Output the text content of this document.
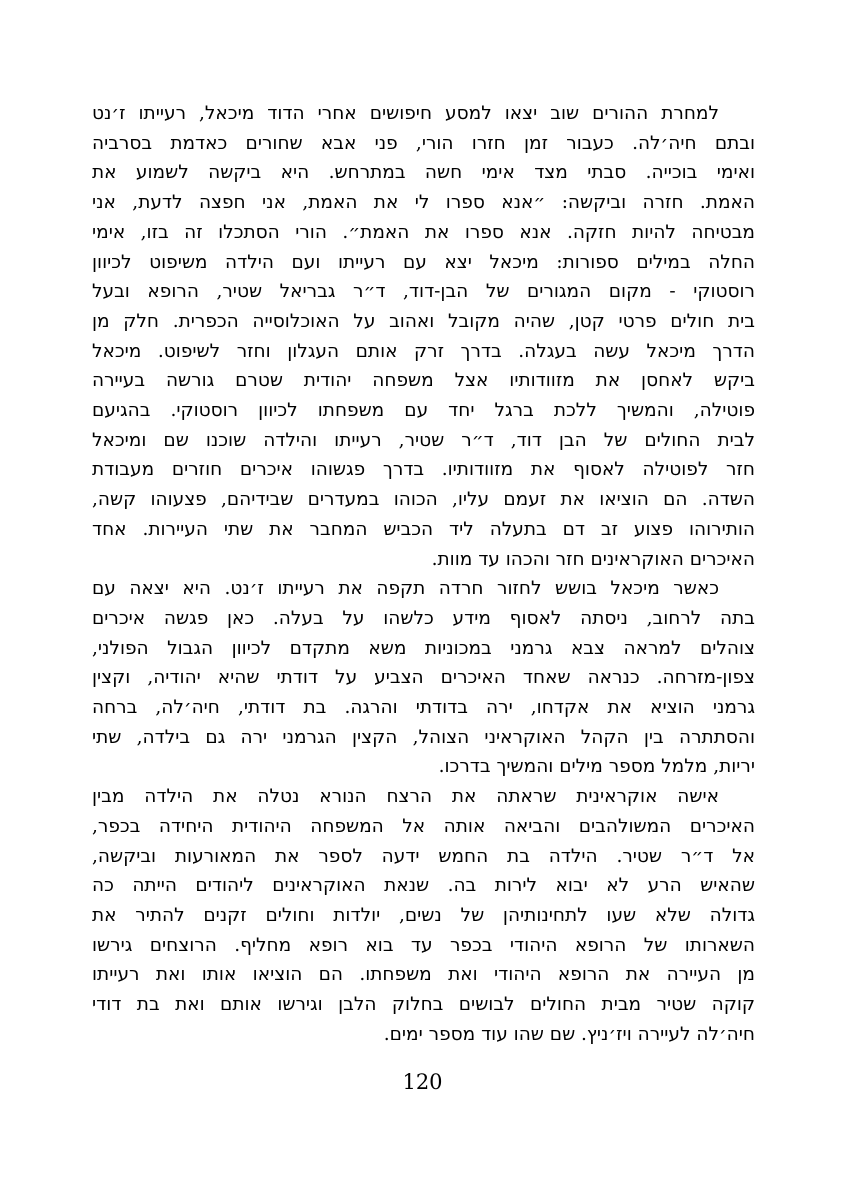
למחרת ההורים שוב יצאו למסע חיפושים אחרי הדוד מיכאל, רעייתו ז׳נט
ובתם חיה׳לה. כעבור זמן חזרו הורי, פני אבא שחורים כאדמת בסרביה
ואימי בוכייה. סבתי מצד אימי חשה במתרחש. היא ביקשה לשמוע את
האמת. חזרה וביקשה: ״אנא ספרו לי את האמת, אני חפצה לדעת, אני
מבטיחה להיות חזקה. אנא ספרו את האמת״. הורי הסתכלו זה בזו, אימי
החלה במילים ספורות: מיכאל יצא עם רעייתו ועם הילדה משיפוט לכיוון
רוסטוקי - מקום המגורים של הבן-דוד, ד״ר גבריאל שטיר, הרופא ובעל
בית חולים פרטי קטן, שהיה מקובל ואהוב על האוכלוסייה הכפרית. חלק מן
הדרך מיכאל עשה בעגלה. בדרך זרק אותם העגלון וחזר לשיפוט. מיכאל
ביקש לאחסן את מזוודותיו אצל משפחה יהודית שטרם גורשה בעיירה
פוטילה, והמשיך ללכת ברגל יחד עם משפחתו לכיוון רוסטוקי. בהגיעם
לבית החולים של הבן דוד, ד״ר שטיר, רעייתו והילדה שוכנו שם ומיכאל
חזר לפוטילה לאסוף את מזוודותיו. בדרך פגשוהו איכרים חוזרים מעבודת
השדה. הם הוציאו את זעמם עליו, הכוהו במעדרים שבידיהם, פצעוהו קשה,
הותירוהו פצוע זב דם בתעלה ליד הכביש המחבר את שתי העיירות. אחד
האיכרים האוקראינים חזר והכהו עד מוות.
כאשר מיכאל בושש לחזור חרדה תקפה את רעייתו ז׳נט. היא יצאה עם
בתה לרחוב, ניסתה לאסוף מידע כלשהו על בעלה. כאן פגשה איכרים
צוהלים למראה צבא גרמני במכוניות משא מתקדם לכיוון הגבול הפולני,
צפון-מזרחה. כנראה שאחד האיכרים הצביע על דודתי שהיא יהודיה, וקצין
גרמני הוציא את אקדחו, ירה בדודתי והרגה. בת דודתי, חיה׳לה, ברחה
והסתתרה בין הקהל האוקראיני הצוהל, הקצין הגרמני ירה גם בילדה, שתי
יריות, מלמל מספר מילים והמשיך בדרכו.
אישה אוקראינית שראתה את הרצח הנורא נטלה את הילדה מבין
האיכרים המשולהבים והביאה אותה אל המשפחה היהודית היחידה בכפר,
אל ד״ר שטיר. הילדה בת החמש ידעה לספר את המאורעות וביקשה,
שהאיש הרע לא יבוא לירות בה. שנאת האוקראינים ליהודים הייתה כה
גדולה שלא שעו לתחינותיהן של נשים, יולדות וחולים זקנים להתיר את
השארותו של הרופא היהודי בכפר עד בוא רופא מחליף. הרוצחים גירשו
מן העיירה את הרופא היהודי ואת משפחתו. הם הוציאו אותו ואת רעייתו
קוקה שטיר מבית החולים לבושים בחלוק הלבן וגירשו אותם ואת בת דודי
חיה׳לה לעיירה ויז׳ניץ. שם שהו עוד מספר ימים.
120
